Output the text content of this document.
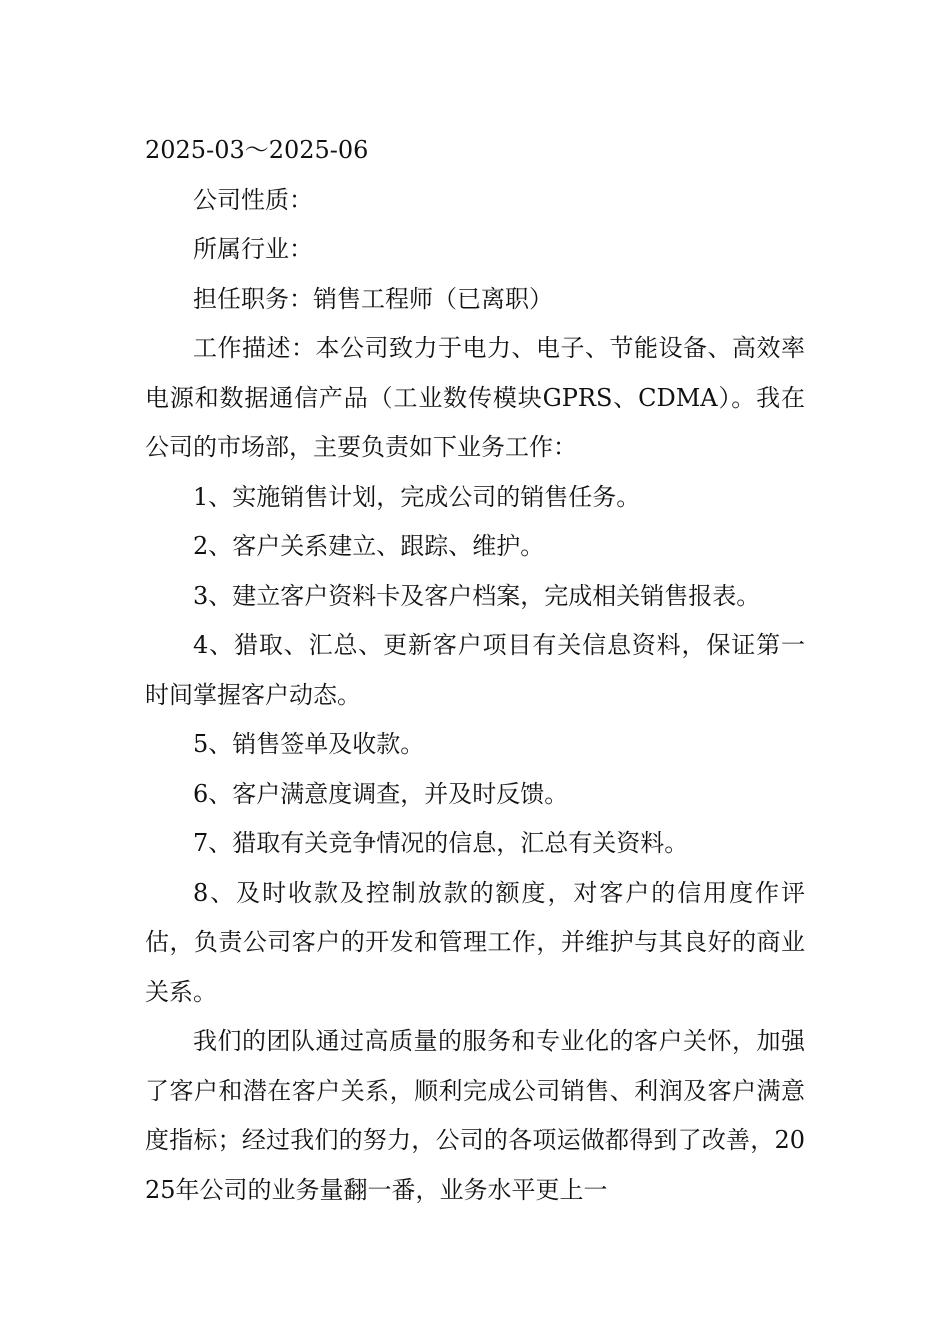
2025-03～2025-06

公司性质：

所属行业：

担任职务：销售工程师（已离职）

工作描述：本公司致力于电力、电子、节能设备、高效率电源和数据通信产品（工业数传模块GPRS、CDMA）。我在公司的市场部，主要负责如下业务工作：

1、实施销售计划，完成公司的销售任务。

2、客户关系建立、跟踪、维护。

3、建立客户资料卡及客户档案，完成相关销售报表。

4、猎取、汇总、更新客户项目有关信息资料，保证第一时间掌握客户动态。

5、销售签单及收款。

6、客户满意度调查，并及时反馈。

7、猎取有关竞争情况的信息，汇总有关资料。

8、及时收款及控制放款的额度，对客户的信用度作评估，负责公司客户的开发和管理工作，并维护与其良好的商业关系。

我们的团队通过高质量的服务和专业化的客户关怀，加强了客户和潜在客户关系，顺利完成公司销售、利润及客户满意度指标；经过我们的努力，公司的各项运做都得到了改善，2025年公司的业务量翻一番，业务水平更上一
